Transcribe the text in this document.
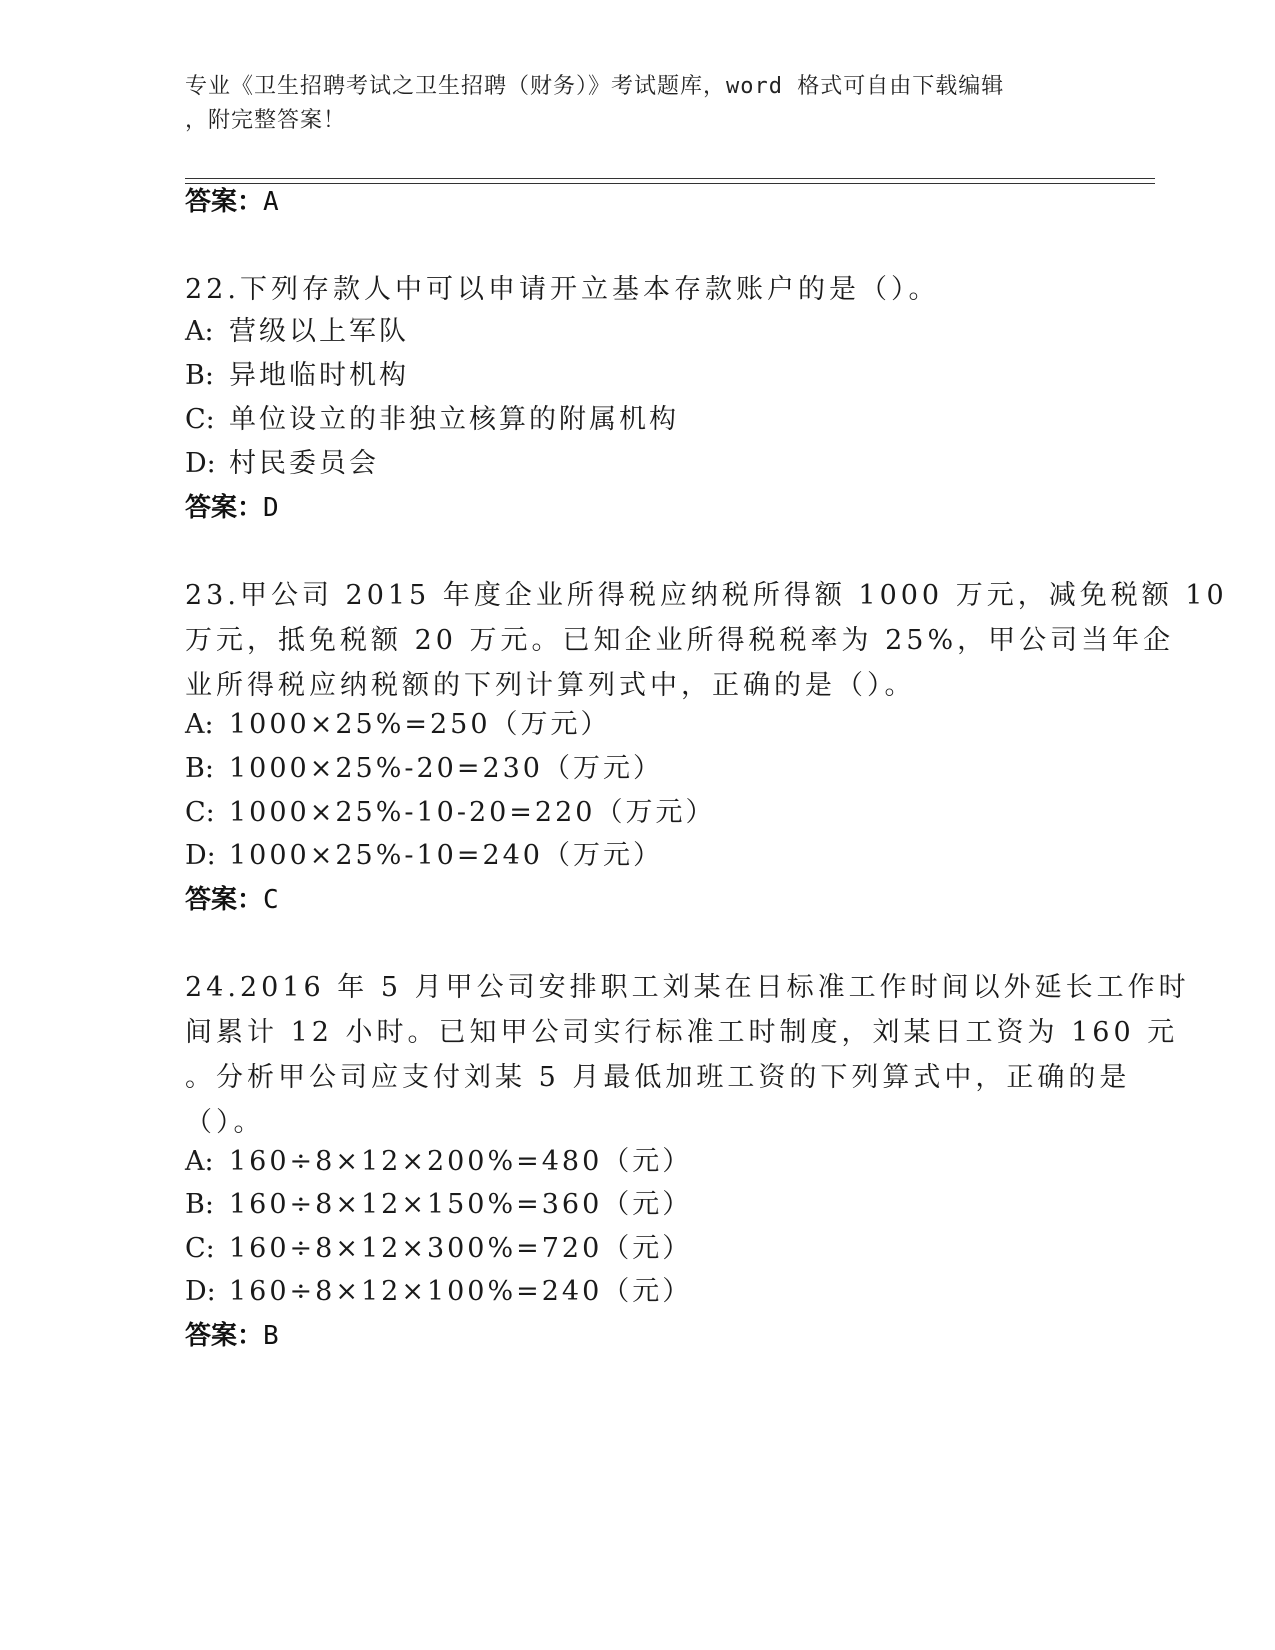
专业《卫生招聘考试之卫生招聘（财务）》考试题库，word 格式可自由下载编辑
，附完整答案！
答案：A
22.下列存款人中可以申请开立基本存款账户的是（）。
A: 营级以上军队
B: 异地临时机构
C: 单位设立的非独立核算的附属机构
D: 村民委员会
答案：D
23.甲公司 2015 年度企业所得税应纳税所得额 1000 万元，减免税额 10
万元，抵免税额 20 万元。已知企业所得税税率为 25%，甲公司当年企
业所得税应纳税额的下列计算列式中，正确的是（）。
A: 1000×25%=250（万元）
B: 1000×25%-20=230（万元）
C: 1000×25%-10-20=220（万元）
D: 1000×25%-10=240（万元）
答案：C
24.2016 年 5 月甲公司安排职工刘某在日标准工作时间以外延长工作时
间累计 12 小时。已知甲公司实行标准工时制度，刘某日工资为 160 元
。分析甲公司应支付刘某 5 月最低加班工资的下列算式中，正确的是
（）。
A: 160÷8×12×200%=480（元）
B: 160÷8×12×150%=360（元）
C: 160÷8×12×300%=720（元）
D: 160÷8×12×100%=240（元）
答案：B
